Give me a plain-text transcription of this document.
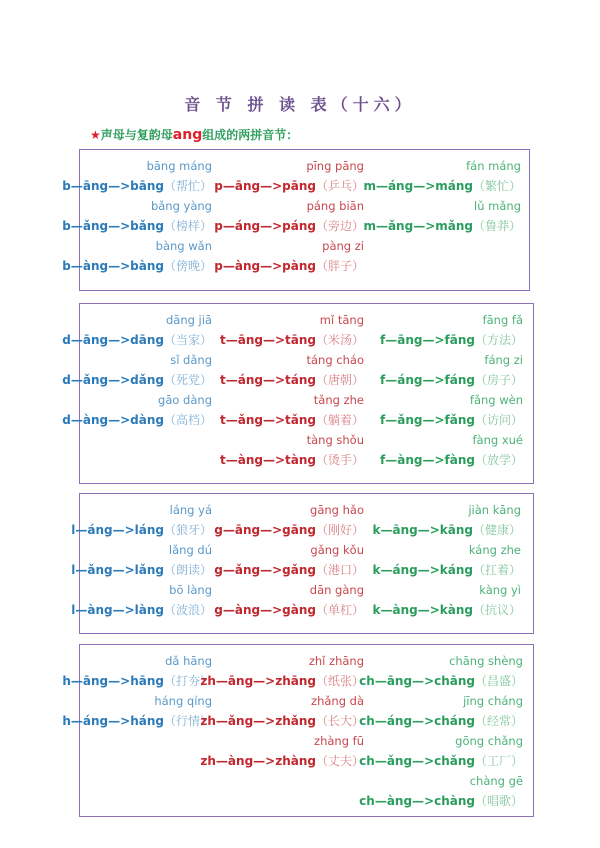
音 节 拼 读 表（十六）
★声母与复韵母ang组成的两拼音节：
bāng máng
b—āng—>bāng（帮忙）
bǎng yàng
b—ǎng—>bǎng（榜样）
bàng wǎn
b—àng—>bàng（傍晚）
pīng pāng
p—āng—>pāng（乒乓）
páng biān
p—áng—>páng（旁边）
pàng zi
p—àng—>pàng（胖子）
fán máng
m—áng—>máng（繁忙）
lǔ mǎng
m—ǎng—>mǎng（鲁莽）
dāng jiā
d—āng—>dāng（当家）
sǐ dǎng
d—ǎng—>dǎng（死党）
gāo dàng
d—àng—>dàng（高档）
mǐ tāng
t—āng—>tāng（米汤）
táng cháo
t—áng—>táng（唐朝）
tǎng zhe
t—ǎng—>tǎng（躺着）
tàng shǒu
t—àng—>tàng（烫手）
fāng fǎ
f—āng—>fāng（方法）
fáng zi
f—áng—>fáng（房子）
fǎng wèn
f—ǎng—>fǎng（访问）
fàng xué
f—àng—>fàng（放学）
láng yá
l—áng—>láng（狼牙）
lǎng dú
l—ǎng—>lǎng（朗读）
bō làng
l—àng—>làng（波浪）
gāng hǎo
g—āng—>gāng（刚好）
gǎng kǒu
g—ǎng—>gǎng（港口）
dān gàng
g—àng—>gàng（单杠）
jiàn kāng
k—āng—>kāng（健康）
káng zhe
k—áng—>káng（扛着）
kàng yì
k—àng—>kàng（抗议）
dǎ hāng
h—āng—>hāng（打夯）
háng qíng
h—áng—>háng（行情）
zhǐ zhāng
zh—āng—>zhāng（纸张）
zhǎng dà
zh—ǎng—>zhǎng（长大）
zhàng fū
zh—àng—>zhàng（丈夫）
chāng shèng
ch—āng—>chāng（昌盛）
jīng cháng
ch—áng—>cháng（经常）
gōng chǎng
ch—ǎng—>chǎng（工厂）
chàng gē
ch—àng—>chàng（唱歌）
